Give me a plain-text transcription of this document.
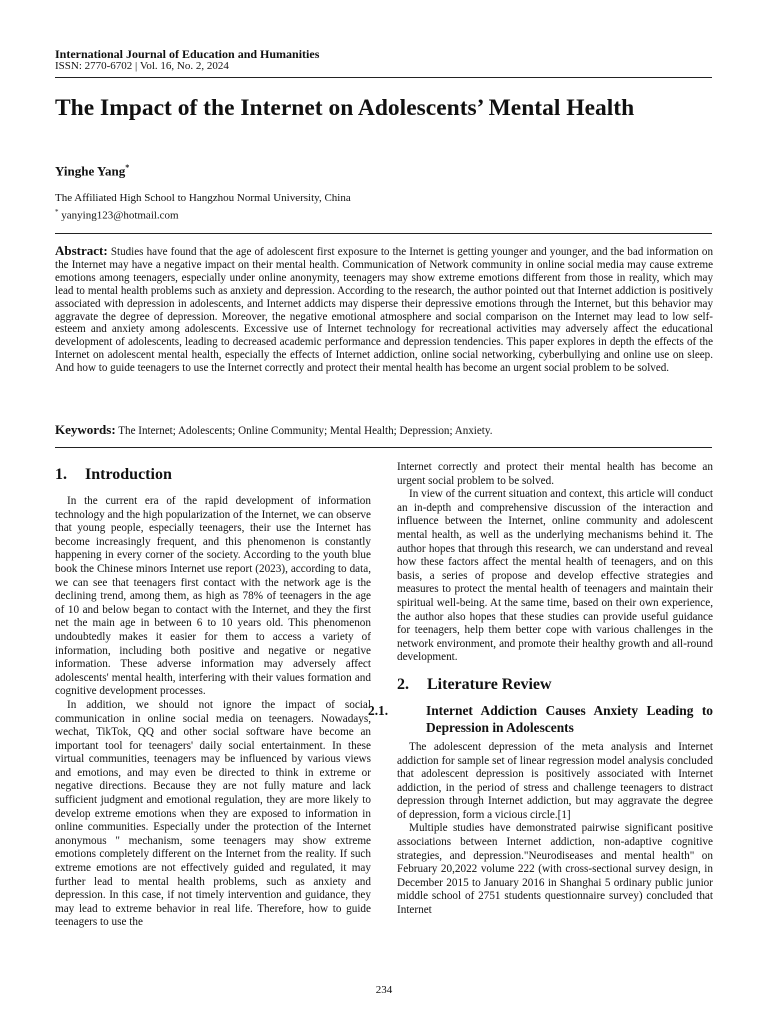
International Journal of Education and Humanities
ISSN: 2770-6702 | Vol. 16, No. 2, 2024
The Impact of the Internet on Adolescents’ Mental Health
Yinghe Yang*
The Affiliated High School to Hangzhou Normal University, China
* yanying123@hotmail.com

Abstract: Studies have found that the age of adolescent first exposure to the Internet is getting younger and younger, and the bad information on the Internet may have a negative impact on their mental health. Communication of Network community in online social media may cause extreme emotions among teenagers, especially under online anonymity, teenagers may show extreme emotions different from those in reality, which may lead to mental health problems such as anxiety and depression. According to the research, the author pointed out that Internet addiction is positively associated with depression in adolescents, and Internet addicts may disperse their depressive emotions through the Internet, but this behavior may aggravate the degree of depression. Moreover, the negative emotional atmosphere and social comparison on the Internet may lead to low self-esteem and anxiety among adolescents. Excessive use of Internet technology for recreational activities may adversely affect the educational development of adolescents, leading to decreased academic performance and depression tendencies. This paper explores in depth the effects of the Internet on adolescent mental health, especially the effects of Internet addiction, online social networking, cyberbullying and online use on sleep. And how to guide teenagers to use the Internet correctly and protect their mental health has become an urgent social problem to be solved.

Keywords: The Internet; Adolescents; Online Community; Mental Health; Depression; Anxiety.

1. Introduction

In the current era of the rapid development of information technology and the high popularization of the Internet, we can observe that young people, especially teenagers, their use the Internet has become increasingly frequent, and this phenomenon is constantly happening in every corner of the society. According to the youth blue book the Chinese minors Internet use report (2023), according to data, we can see that teenagers first contact with the network age is the declining trend, among them, as high as 78% of teenagers in the age of 10 and below began to contact with the Internet, and they the first net the main age in between 6 to 10 years old. This phenomenon undoubtedly makes it easier for them to access a variety of information, including both positive and negative or negative information. These adverse information may adversely affect adolescents' mental health, interfering with their values formation and cognitive development processes.

In addition, we should not ignore the impact of social communication in online social media on teenagers. Nowadays, wechat, TikTok, QQ and other social software have become an important tool for teenagers' daily social entertainment. In these virtual communities, teenagers may be influenced by various views and emotions, and may even be directed to think in extreme or negative directions. Because they are not fully mature and lack sufficient judgment and emotional regulation, they are more likely to develop extreme emotions when they are exposed to information in online communities. Especially under the protection of the Internet anonymous " mechanism, some teenagers may show extreme emotions completely different on the Internet from the reality. If such extreme emotions are not effectively guided and regulated, it may further lead to mental health problems, such as anxiety and depression. In this case, if not timely intervention and guidance, they may lead to extreme behavior in real life. Therefore, how to guide teenagers to use the

Internet correctly and protect their mental health has become an urgent social problem to be solved.

In view of the current situation and context, this article will conduct an in-depth and comprehensive discussion of the interaction and influence between the Internet, online community and adolescent mental health, as well as the underlying mechanisms behind it. The author hopes that through this research, we can understand and reveal how these factors affect the mental health of teenagers, and on this basis, a series of propose and develop effective strategies and measures to protect the mental health of teenagers and maintain their spiritual well-being. At the same time, based on their own experience, the author also hopes that these studies can provide useful guidance for teenagers, help them better cope with various challenges in the network environment, and promote their healthy growth and all-round development.

2. Literature Review
2.1.	Internet Addiction Causes Anxiety Leading to Depression in Adolescents

The adolescent depression of the meta analysis and Internet addiction for sample set of linear regression model analysis concluded that adolescent depression is positively associated with Internet addiction, in the period of stress and challenge teenagers to distract depression through Internet addiction, but may aggravate the degree of depression, form a vicious circle.[1]

Multiple studies have demonstrated pairwise significant positive associations between Internet addiction, non-adaptive cognitive strategies, and depression."Neurodiseases and mental health" on February 20,2022 volume 222 (with cross-sectional survey design, in December 2015 to January 2016 in Shanghai 5 ordinary public junior middle school of 2751 students questionnaire survey) concluded that Internet

234
